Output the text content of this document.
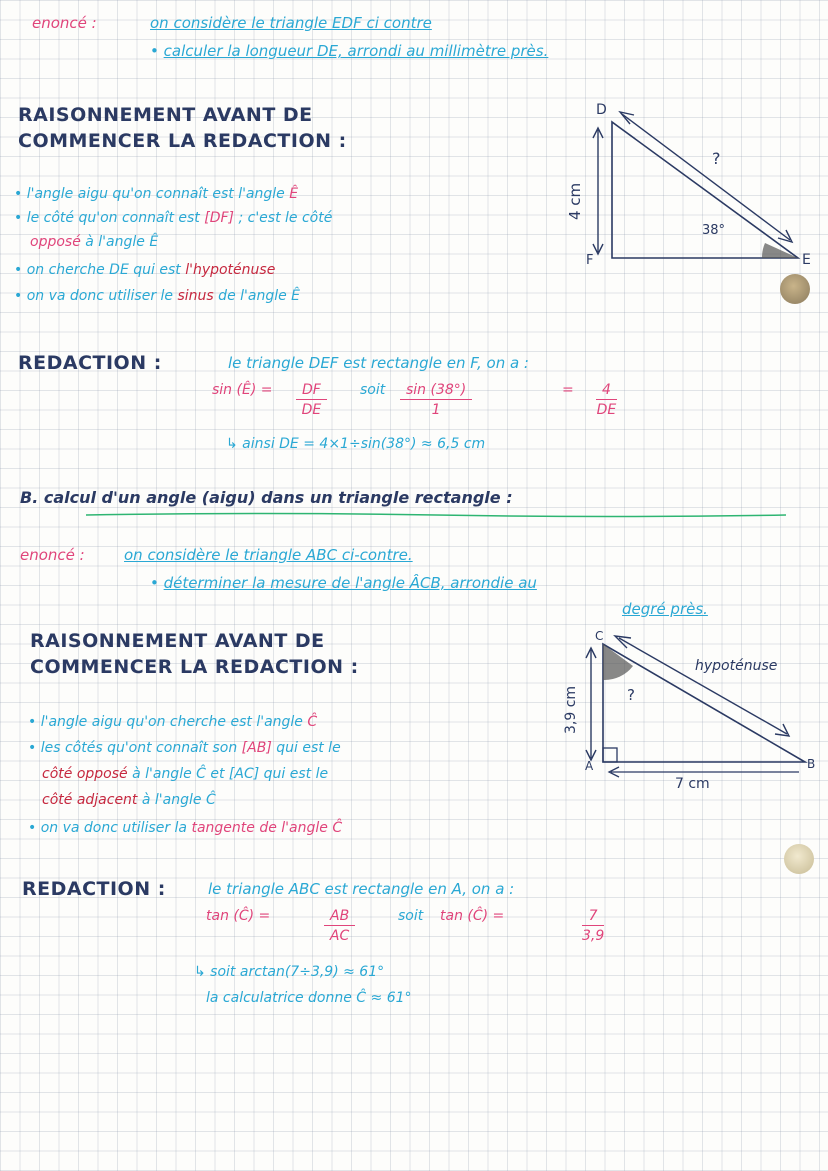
enoncé :	on considère le triangle EDF ci contre
• calculer la longueur DE, arrondi au millimètre près.
RAISONNEMENT AVANT DE
COMMENCER LA REDACTION :
D
E
F
4 cm
?
38°
• l'angle aigu qu'on connaît est l'angle Ê
• le côté qu'on connaît est [DF] ; c'est le côté
opposé à l'angle Ê
• on cherche DE qui est l'hypoténuse
• on va donc utiliser le sinus de l'angle Ê
REDACTION :	le triangle DEF est rectangle en F, on a :
sin (Ê) = $\frac{DF}{DE}$ soit $\frac{\sin (38^\circ)}{1}$	= $\frac{4}{DE}$
↳ ainsi DE = 4×1÷sin(38°) ≈ 6,5 cm
B. calcul d'un angle (aigu) dans un triangle rectangle :
enoncé :	on considère le triangle ABC ci-contre.
• déterminer la mesure de l'angle ÂCB, arrondie au
degré près.
RAISONNEMENT AVANT DE
COMMENCER LA REDACTION :
C
A	B
3,9 cm
7 cm
?
hypoténuse
• l'angle aigu qu'on cherche est l'angle Ĉ
• les côtés qu'ont connaît son [AB] qui est le
côté opposé à l'angle Ĉ et [AC] qui est le
côté adjacent à l'angle Ĉ
• on va donc utiliser la tangente de l'angle Ĉ
REDACTION :	le triangle ABC est rectangle en A, on a :
tan (Ĉ) =	$\frac{AB}{AC}$	soit tan (Ĉ) =	$\frac{7}{3,9}$
↳ soit arctan(7÷3,9) ≈ 61°
la calculatrice donne Ĉ ≈ 61°
